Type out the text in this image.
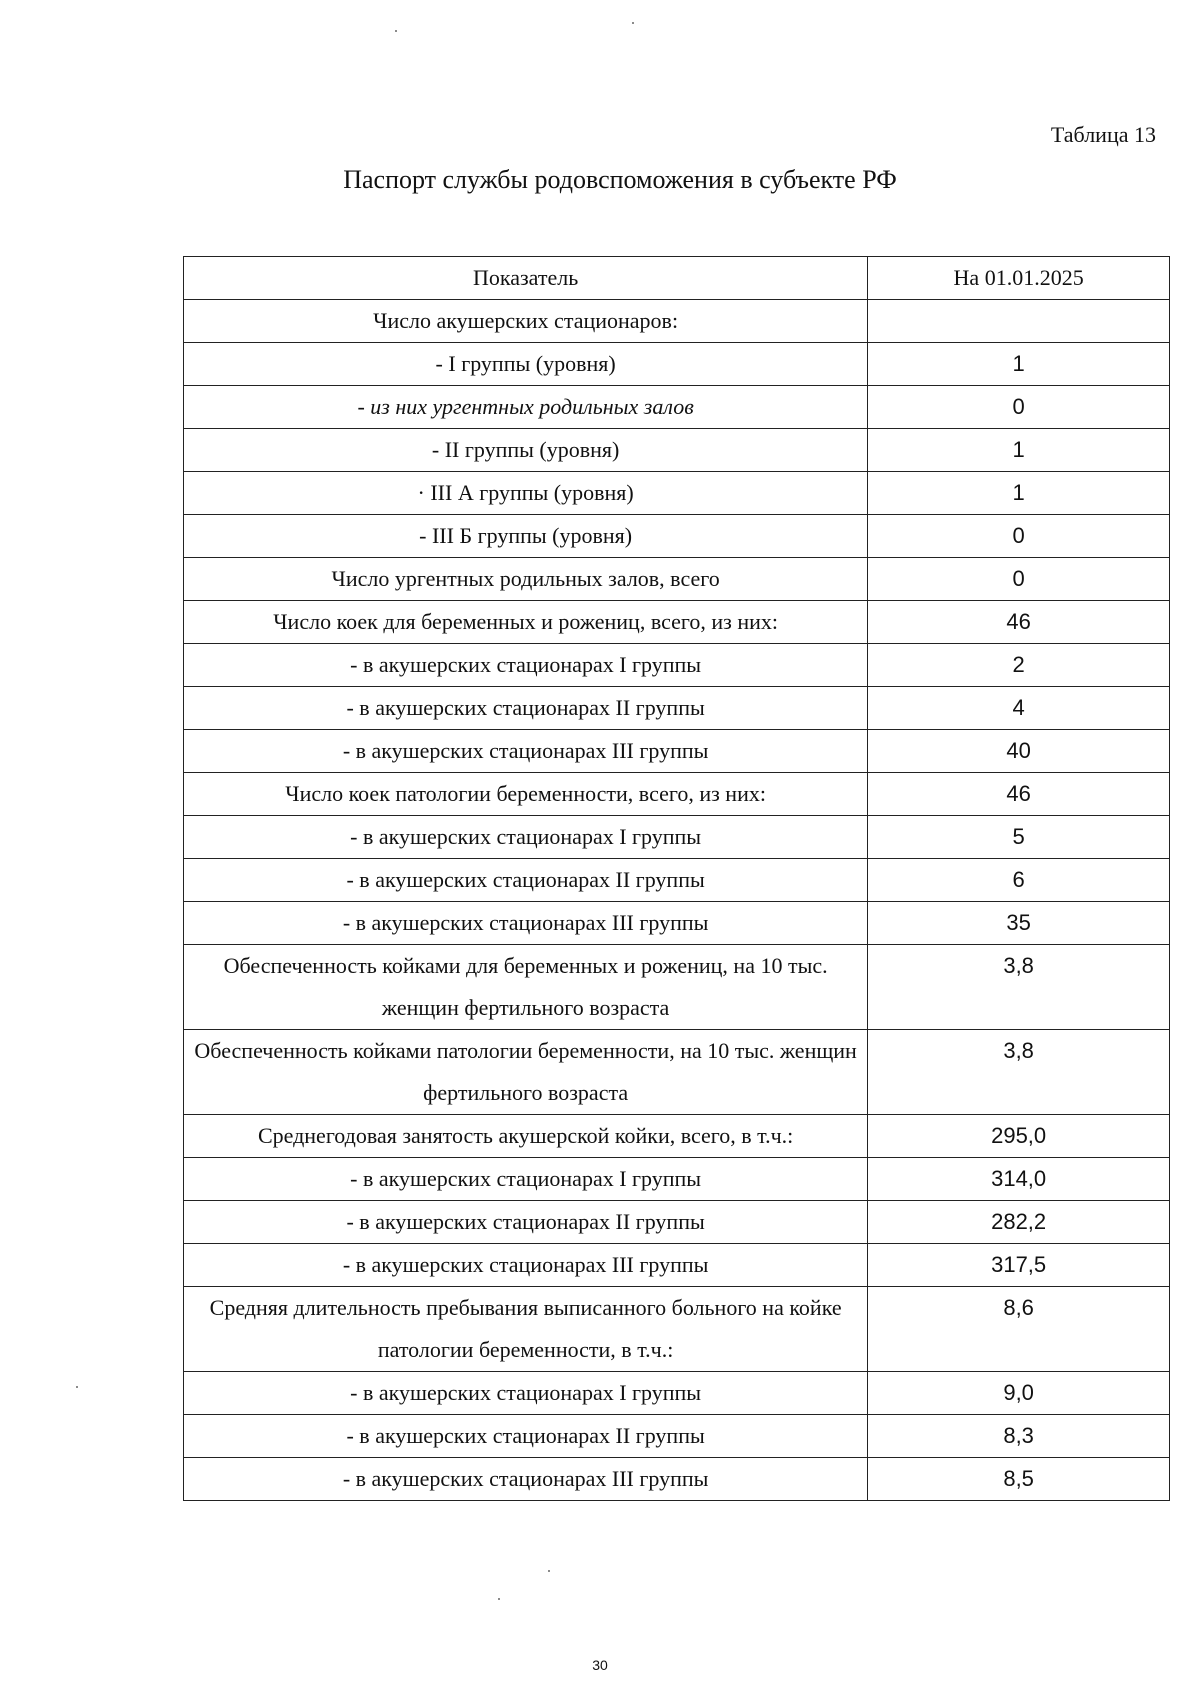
Таблица 13
Паспорт службы родовспоможения в субъекте РФ
Показатель	На 01.01.2025
Число акушерских стационаров:	
- I группы (уровня)	1
- из них ургентных родильных залов	0
- II группы (уровня)	1
· III А группы (уровня)	1
- III Б группы (уровня)	0
Число ургентных родильных залов, всего	0
Число коек для беременных и рожениц, всего, из них:	46
- в акушерских стационарах I группы	2
- в акушерских стационарах II группы	4
- в акушерских стационарах III группы	40
Число коек патологии беременности, всего, из них:	46
- в акушерских стационарах I группы	5
- в акушерских стационарах II группы	6
- в акушерских стационарах III группы	35
Обеспеченность койками для беременных и рожениц, на 10 тыс. женщин фертильного возраста	3,8
Обеспеченность койками патологии беременности, на 10 тыс. женщин фертильного возраста	3,8
Среднегодовая занятость акушерской койки, всего, в т.ч.:	295,0
- в акушерских стационарах I группы	314,0
- в акушерских стационарах II группы	282,2
- в акушерских стационарах III группы	317,5
Средняя длительность пребывания выписанного больного на койке патологии беременности, в т.ч.:	8,6
- в акушерских стационарах I группы	9,0
- в акушерских стационарах II группы	8,3
- в акушерских стационарах III группы	8,5
30
